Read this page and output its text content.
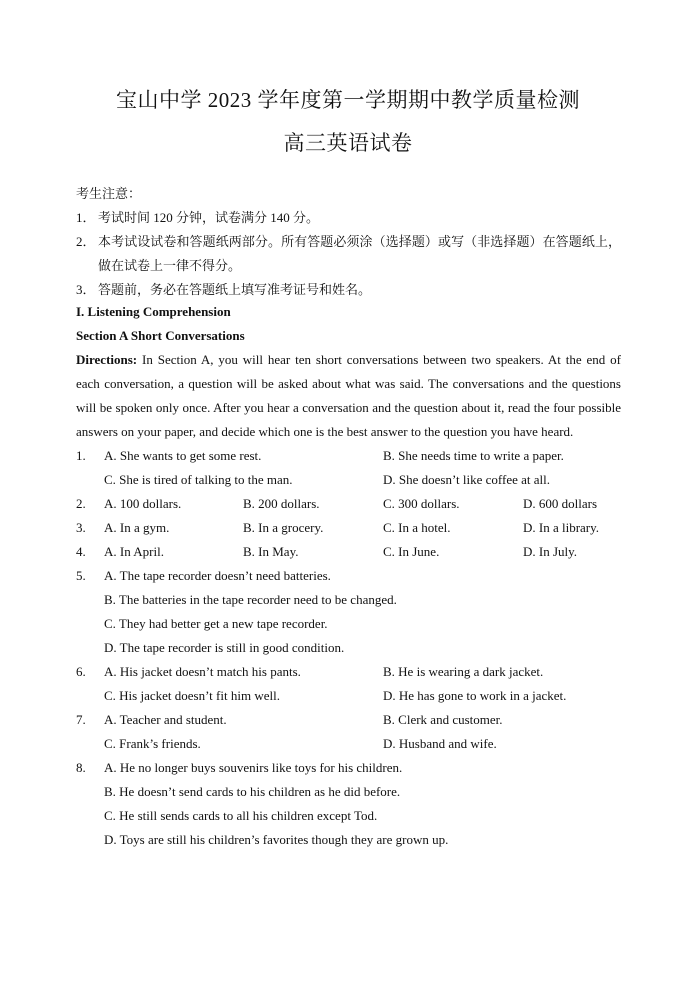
宝山中学 2023 学年度第一学期期中教学质量检测
高三英语试卷
考生注意：
1． 考试时间 120 分钟，试卷满分 140 分。
2． 本考试设试卷和答题纸两部分。所有答题必须涂（选择题）或写（非选择题）在答题纸上，做在试卷上一律不得分。
3． 答题前，务必在答题纸上填写准考证号和姓名。
I. Listening Comprehension
Section A Short Conversations
Directions: In Section A, you will hear ten short conversations between two speakers. At the end of each conversation, a question will be asked about what was said. The conversations and the questions will be spoken only once. After you hear a conversation and the question about it, read the four possible answers on your paper, and decide which one is the best answer to the question you have heard.
1. A. She wants to get some rest.	B. She needs time to write a paper.
C. She is tired of talking to the man.	D. She doesn’t like coffee at all.
2. A. 100 dollars.	B. 200 dollars.	C. 300 dollars.	D. 600 dollars
3. A. In a gym.	B. In a grocery.	C. In a hotel.	D. In a library.
4. A. In April.	B. In May.	C. In June.	D. In July.
5. A. The tape recorder doesn’t need batteries.
B. The batteries in the tape recorder need to be changed.
C. They had better get a new tape recorder.
D. The tape recorder is still in good condition.
6. A. His jacket doesn’t match his pants.	B. He is wearing a dark jacket.
C. His jacket doesn’t fit him well.	D. He has gone to work in a jacket.
7. A. Teacher and student.	B. Clerk and customer.
C. Frank’s friends.	D. Husband and wife.
8. A. He no longer buys souvenirs like toys for his children.
B. He doesn’t send cards to his children as he did before.
C. He still sends cards to all his children except Tod.
D. Toys are still his children’s favorites though they are grown up.
